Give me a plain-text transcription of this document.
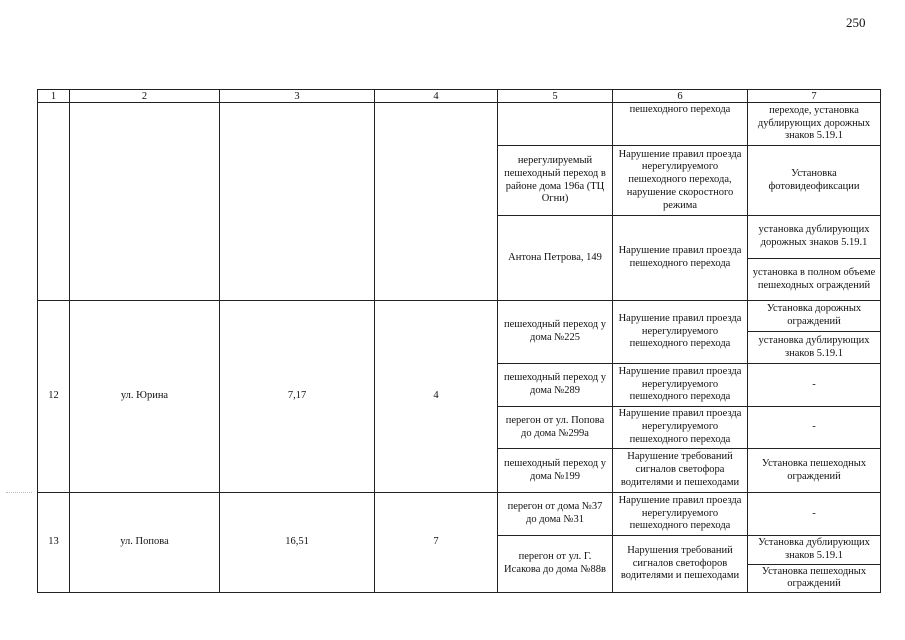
250
1	2	3	4	5	6	7
					пешеходного перехода	переходе, установка дублирующих дорожных знаков 5.19.1
				нерегулируемый пешеходный переход в районе дома 196а (ТЦ Огни)	Нарушение правил проезда нерегулируемого пешеходного перехода, нарушение скоростного режима	Установка фотовидеофиксации
				Антона Петрова, 149	Нарушение правил проезда пешеходного перехода	установка дублирующих дорожных знаков 5.19.1
						установка в полном объеме пешеходных ограждений

12	ул. Юрина	7,17	4	пешеходный переход у дома №225	Нарушение правил проезда нерегулируемого пешеходного перехода	Установка дорожных ограждений
						установка дублирующих знаков 5.19.1
				пешеходный переход у дома №289	Нарушение правил проезда нерегулируемого пешеходного перехода	-
				перегон от ул. Попова до дома №299а	Нарушение правил проезда нерегулируемого пешеходного перехода	-
				пешеходный переход у дома №199	Нарушение требований сигналов светофора водителями и пешеходами	Установка пешеходных ограждений

13	ул. Попова	16,51	7	перегон от дома №37 до дома №31	Нарушение правил проезда нерегулируемого пешеходного перехода	-
				перегон от ул. Г. Исакова до дома №88в	Нарушения требований сигналов светофоров водителями и пешеходами	Установка дублирующих знаков 5.19.1
						Установка пешеходных ограждений
